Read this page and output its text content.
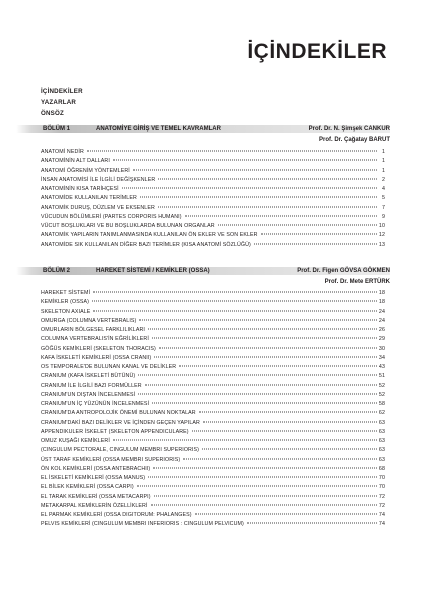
İÇİNDEKİLER
İÇİNDEKİLER
YAZARLAR
ÖNSÖZ
BÖLÜM 1	ANATOMİYE GİRİŞ VE TEMEL KAVRAMLAR	Prof. Dr. N. Şimşek CANKUR
Prof. Dr. Çağatay BARUT
ANATOMİ NEDİR	1
ANATOMİNİN ALT DALLARI	1
ANATOMİ ÖĞRENİM YÖNTEMLERİ	1
İNSAN ANATOMİSİ İLE İLGİLİ DEĞİŞKENLER	2
ANATOMİNİN KISA TARİHÇESİ	4
ANATOMİDE KULLANILAN TERİMLER	5
ANATOMİK DURUŞ, DÜZLEM VE EKSENLER	7
VÜCUDUN BÖLÜMLERİ (PARTES CORPORIS HUMANI)	9
VÜCUT BOŞLUKLARI VE BU BOŞLUKLARDA BULUNAN ORGANLAR	10
ANATOMİK YAPILARIN TANIMLANMASINDA KULLANILAN ÖN EKLER VE SON EKLER	12
ANATOMİDE SIK KULLANILAN DİĞER BAZI TERİMLER (KISA ANATOMİ SÖZLÜĞÜ)	13
BÖLÜM 2	HAREKET SİSTEMİ / KEMİKLER (OSSA)	Prof. Dr. Figen GÖVSA GÖKMEN
Prof. Dr. Mete ERTÜRK
HAREKET SİSTEMİ	18
KEMİKLER (OSSA)	18
SKELETON AXIALE	24
OMURGA (COLUMNA VERTEBRALIS)	24
OMURLARIN BÖLGESEL FARKLILIKLARI	26
COLUMNA VERTEBRALIS'İN EĞRİLİKLERİ	29
GÖĞÜS KEMİKLERİ (SKELETON THORACIS)	30
KAFA İSKELETİ KEMİKLERİ (OSSA CRANII)	34
OS TEMPORALE'DE BULUNAN KANAL VE DELİKLER	43
CRANIUM (KAFA İSKELETİ BÜTÜNÜ)	51
CRANIUM İLE İLGİLİ BAZI FORMÜLLER	52
CRANIUM'UN DIŞTAN İNCELENMESİ	52
CRANIUM'UN İÇ YÜZÜNÜN İNCELENMESİ	58
CRANIUM'DA ANTROPOLOJİK ÖNEMİ BULUNAN NOKTALAR	62
CRANIUM'DAKİ BAZI DELİKLER VE İÇİNDEN GEÇEN YAPILAR	63
APPENDIKULER İSKELET (SKELETON APPENDICULARE)	63
OMUZ KUŞAĞI KEMİKLERİ	63
(CINGULUM PECTORALE, CINGULUM MEMBRI SUPERIORIS)	63
ÜST TARAF KEMİKLERİ (OSSA MEMBRI SUPERIORIS)	63
ÖN KOL KEMİKLERİ (OSSA ANTEBRACHII)	68
EL İSKELETİ KEMİKLERİ (OSSA MANUS)	70
EL BİLEK KEMİKLERİ (OSSA CARPI)	70
EL TARAK KEMİKLERİ (OSSA METACARPI)	72
METAKARPAL KEMİKLERİN ÖZELLİKLERİ	72
EL PARMAK KEMİKLERİ (OSSA DIGITORUM: PHALANGES)	74
PELVIS KEMİKLERİ (CINGULUM MEMBRI INFERIORIS : CINGULUM PELVICUM)	74
